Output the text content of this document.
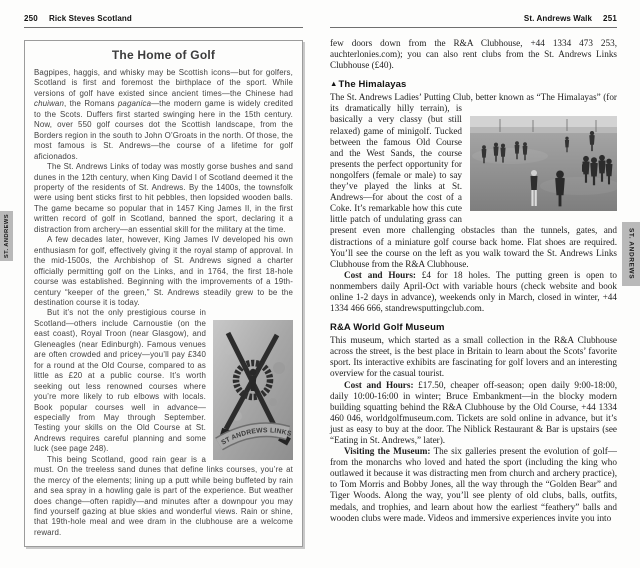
ST. ANDREWS	ST. ANDREWS
250 Rick Steves Scotland
The Home of Golf

Bagpipes, haggis, and whisky may be Scottish icons—but for golfers, Scotland is first and foremost the birthplace of the sport. While versions of golf have existed since ancient times—the Chinese had chuiwan, the Romans paganica—the modern game is widely credited to the Scots. Duffers first started swinging here in the 15th century. Now, over 550 golf courses dot the Scottish landscape, from the Borders region in the south to John O’Groats in the north. Of those, the most famous is St. Andrews—the course of a lifetime for golf aficionados.

The St. Andrews Links of today was mostly gorse bushes and sand dunes in the 12th century, when King David I of Scotland deemed it the property of the residents of St. Andrews. By the 1400s, the townsfolk were using bent sticks first to hit pebbles, then lopsided wooden balls. The game became so popular that in 1457 King James II, in the first written record of golf in Scotland, banned the sport, declaring it a distraction from archery—an essential skill for the military at the time.

A few decades later, however, King James IV developed his own enthusiasm for golf, effectively giving it the royal stamp of approval. In the mid-1500s, the Archbishop of St. Andrews signed a charter officially permitting golf on the Links, and in 1764, the first 18-hole course was established. Beginning with the improvements of a 19th-century “keeper of the green,” St. Andrews steadily grew to be the destination course it is today.

ST ANDREWS LINKS
But it’s not the only prestigious course in Scotland—others include Carnoustie (on the east coast), Royal Troon (near Glasgow), and Gleneagles (near Edinburgh). Famous venues are often crowded and pricey—you’ll pay £340 for a round at the Old Course, compared to as little as £20 at a public course. It’s worth seeking out less renowned courses where you’re more likely to rub elbows with locals. Book popular courses well in advance—especially from May through September. Testing your skills on the Old Course at St. Andrews requires careful planning and some luck (see page 248).

This being Scotland, good rain gear is a must. On the treeless sand dunes that define links courses, you’re at the mercy of the elements; lining up a putt while being buffeted by rain and sea spray in a howling gale is part of the experience. But weather does change—often rapidly—and minutes after a downpour you may find yourself gazing at blue skies and wonderful views. Rain or shine, that 19th-hole meal and wee dram in the clubhouse are a welcome reward.

St. Andrews Walk 251

few doors down from the R&A Clubhouse, +44 1334 473 253, auchterlonies.com); you can also rent clubs from the St. Andrews Links Clubhouse (£40).

▲The Himalayas

The St. Andrews Ladies’ Putting Club, better known as “The Himalayas” (for its dramatically hilly terrain), is basically a very classy (but still relaxed) game of minigolf. Tucked between the famous Old Course and the West Sands, the course presents the perfect opportunity for nongolfers (female or male) to say they’ve played the links at St. Andrews—for about the cost of a Coke. It’s remarkable how this cute little patch of undulating grass can present even more challenging obstacles than the tunnels, gates, and distractions of a miniature golf course back home. Flat shoes are required. You’ll see the course on the left as you walk toward the St. Andrews Links Clubhouse from the R&A Clubhouse.

Cost and Hours: £4 for 18 holes. The putting green is open to nonmembers daily April-Oct with variable hours (check website and book online 1-2 days in advance), weekends only in March, closed in winter, +44 1334 466 666, standrewsputtingclub.com.

R&A World Golf Museum

This museum, which started as a small collection in the R&A Clubhouse across the street, is the best place in Britain to learn about the Scots’ favorite sport. Its interactive exhibits are fascinating for golf lovers and an interesting overview for the casual tourist.

Cost and Hours: £17.50, cheaper off-season; open daily 9:00-18:00, daily 10:00-16:00 in winter; Bruce Embankment—in the blocky modern building squatting behind the R&A Clubhouse by the Old Course, +44 1334 460 046, worldgolfmuseum.com. Tickets are sold online in advance, but it’s just as easy to buy at the door. The Niblick Restaurant & Bar is upstairs (see “Eating in St. Andrews,” later).

Visiting the Museum: The six galleries present the evolution of golf—from the monarchs who loved and hated the sport (including the king who outlawed it because it was distracting men from church and archery practice), to Tom Morris and Bobby Jones, all the way through the “Golden Bear” and Tiger Woods. Along the way, you’ll see plenty of old clubs, balls, outfits, medals, and trophies, and learn about how the earliest “feathery” balls and wooden clubs were made. Videos and immersive experiences invite you into
